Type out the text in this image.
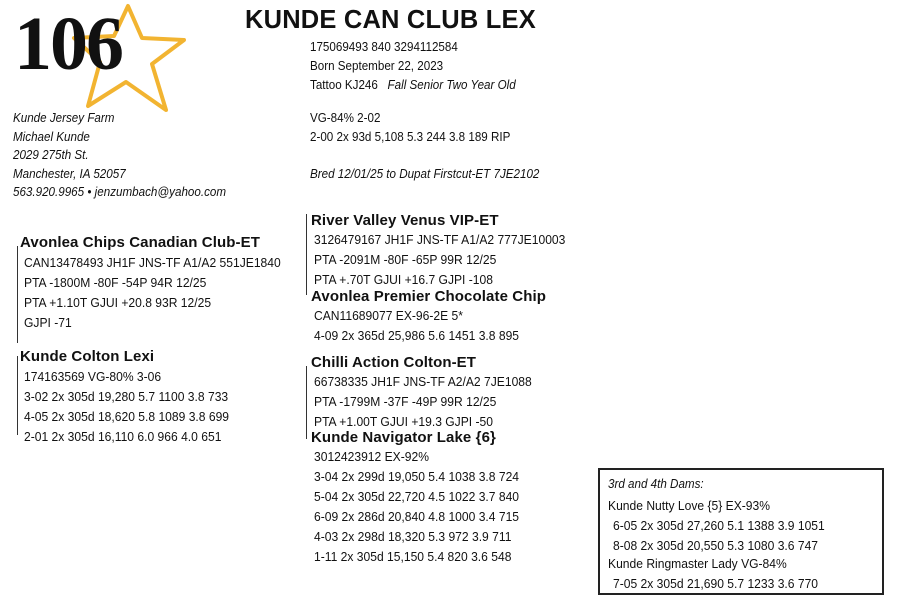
106	KUNDE CAN CLUB LEX
175069493 840 3294112584
Born September 22, 2023
Tattoo KJ246 Fall Senior Two Year Old
VG-84% 2-02
2-00 2x 93d 5,108 5.3 244 3.8 189 RIP
Bred 12/01/25 to Dupat Firstcut-ET 7JE2102
Kunde Jersey Farm
Michael Kunde
2029 275th St.
Manchester, IA 52057
563.920.9965 • jenzumbach@yahoo.com
Avonlea Chips Canadian Club-ET
CAN13478493 JH1F JNS-TF A1/A2 551JE1840
PTA -1800M -80F -54P 94R 12/25
PTA +1.10T GJUI +20.8 93R 12/25
GJPI -71
Kunde Colton Lexi
174163569 VG-80% 3-06
3-02 2x 305d 19,280 5.7 1100 3.8 733
4-05 2x 305d 18,620 5.8 1089 3.8 699
2-01 2x 305d 16,110 6.0 966 4.0 651
River Valley Venus VIP-ET
3126479167 JH1F JNS-TF A1/A2 777JE10003
PTA -2091M -80F -65P 99R 12/25
PTA +.70T GJUI +16.7 GJPI -108
Avonlea Premier Chocolate Chip
CAN11689077 EX-96-2E 5*
4-09 2x 365d 25,986 5.6 1451 3.8 895
Chilli Action Colton-ET
66738335 JH1F JNS-TF A2/A2 7JE1088
PTA -1799M -37F -49P 99R 12/25
PTA +1.00T GJUI +19.3 GJPI -50
Kunde Navigator Lake {6}
3012423912 EX-92%
3-04 2x 299d 19,050 5.4 1038 3.8 724
5-04 2x 305d 22,720 4.5 1022 3.7 840
6-09 2x 286d 20,840 4.8 1000 3.4 715
4-03 2x 298d 18,320 5.3 972 3.9 711
1-11 2x 305d 15,150 5.4 820 3.6 548
3rd and 4th Dams:
Kunde Nutty Love {5} EX-93%
6-05 2x 305d 27,260 5.1 1388 3.9 1051
8-08 2x 305d 20,550 5.3 1080 3.6 747
Kunde Ringmaster Lady VG-84%
7-05 2x 305d 21,690 5.7 1233 3.6 770
